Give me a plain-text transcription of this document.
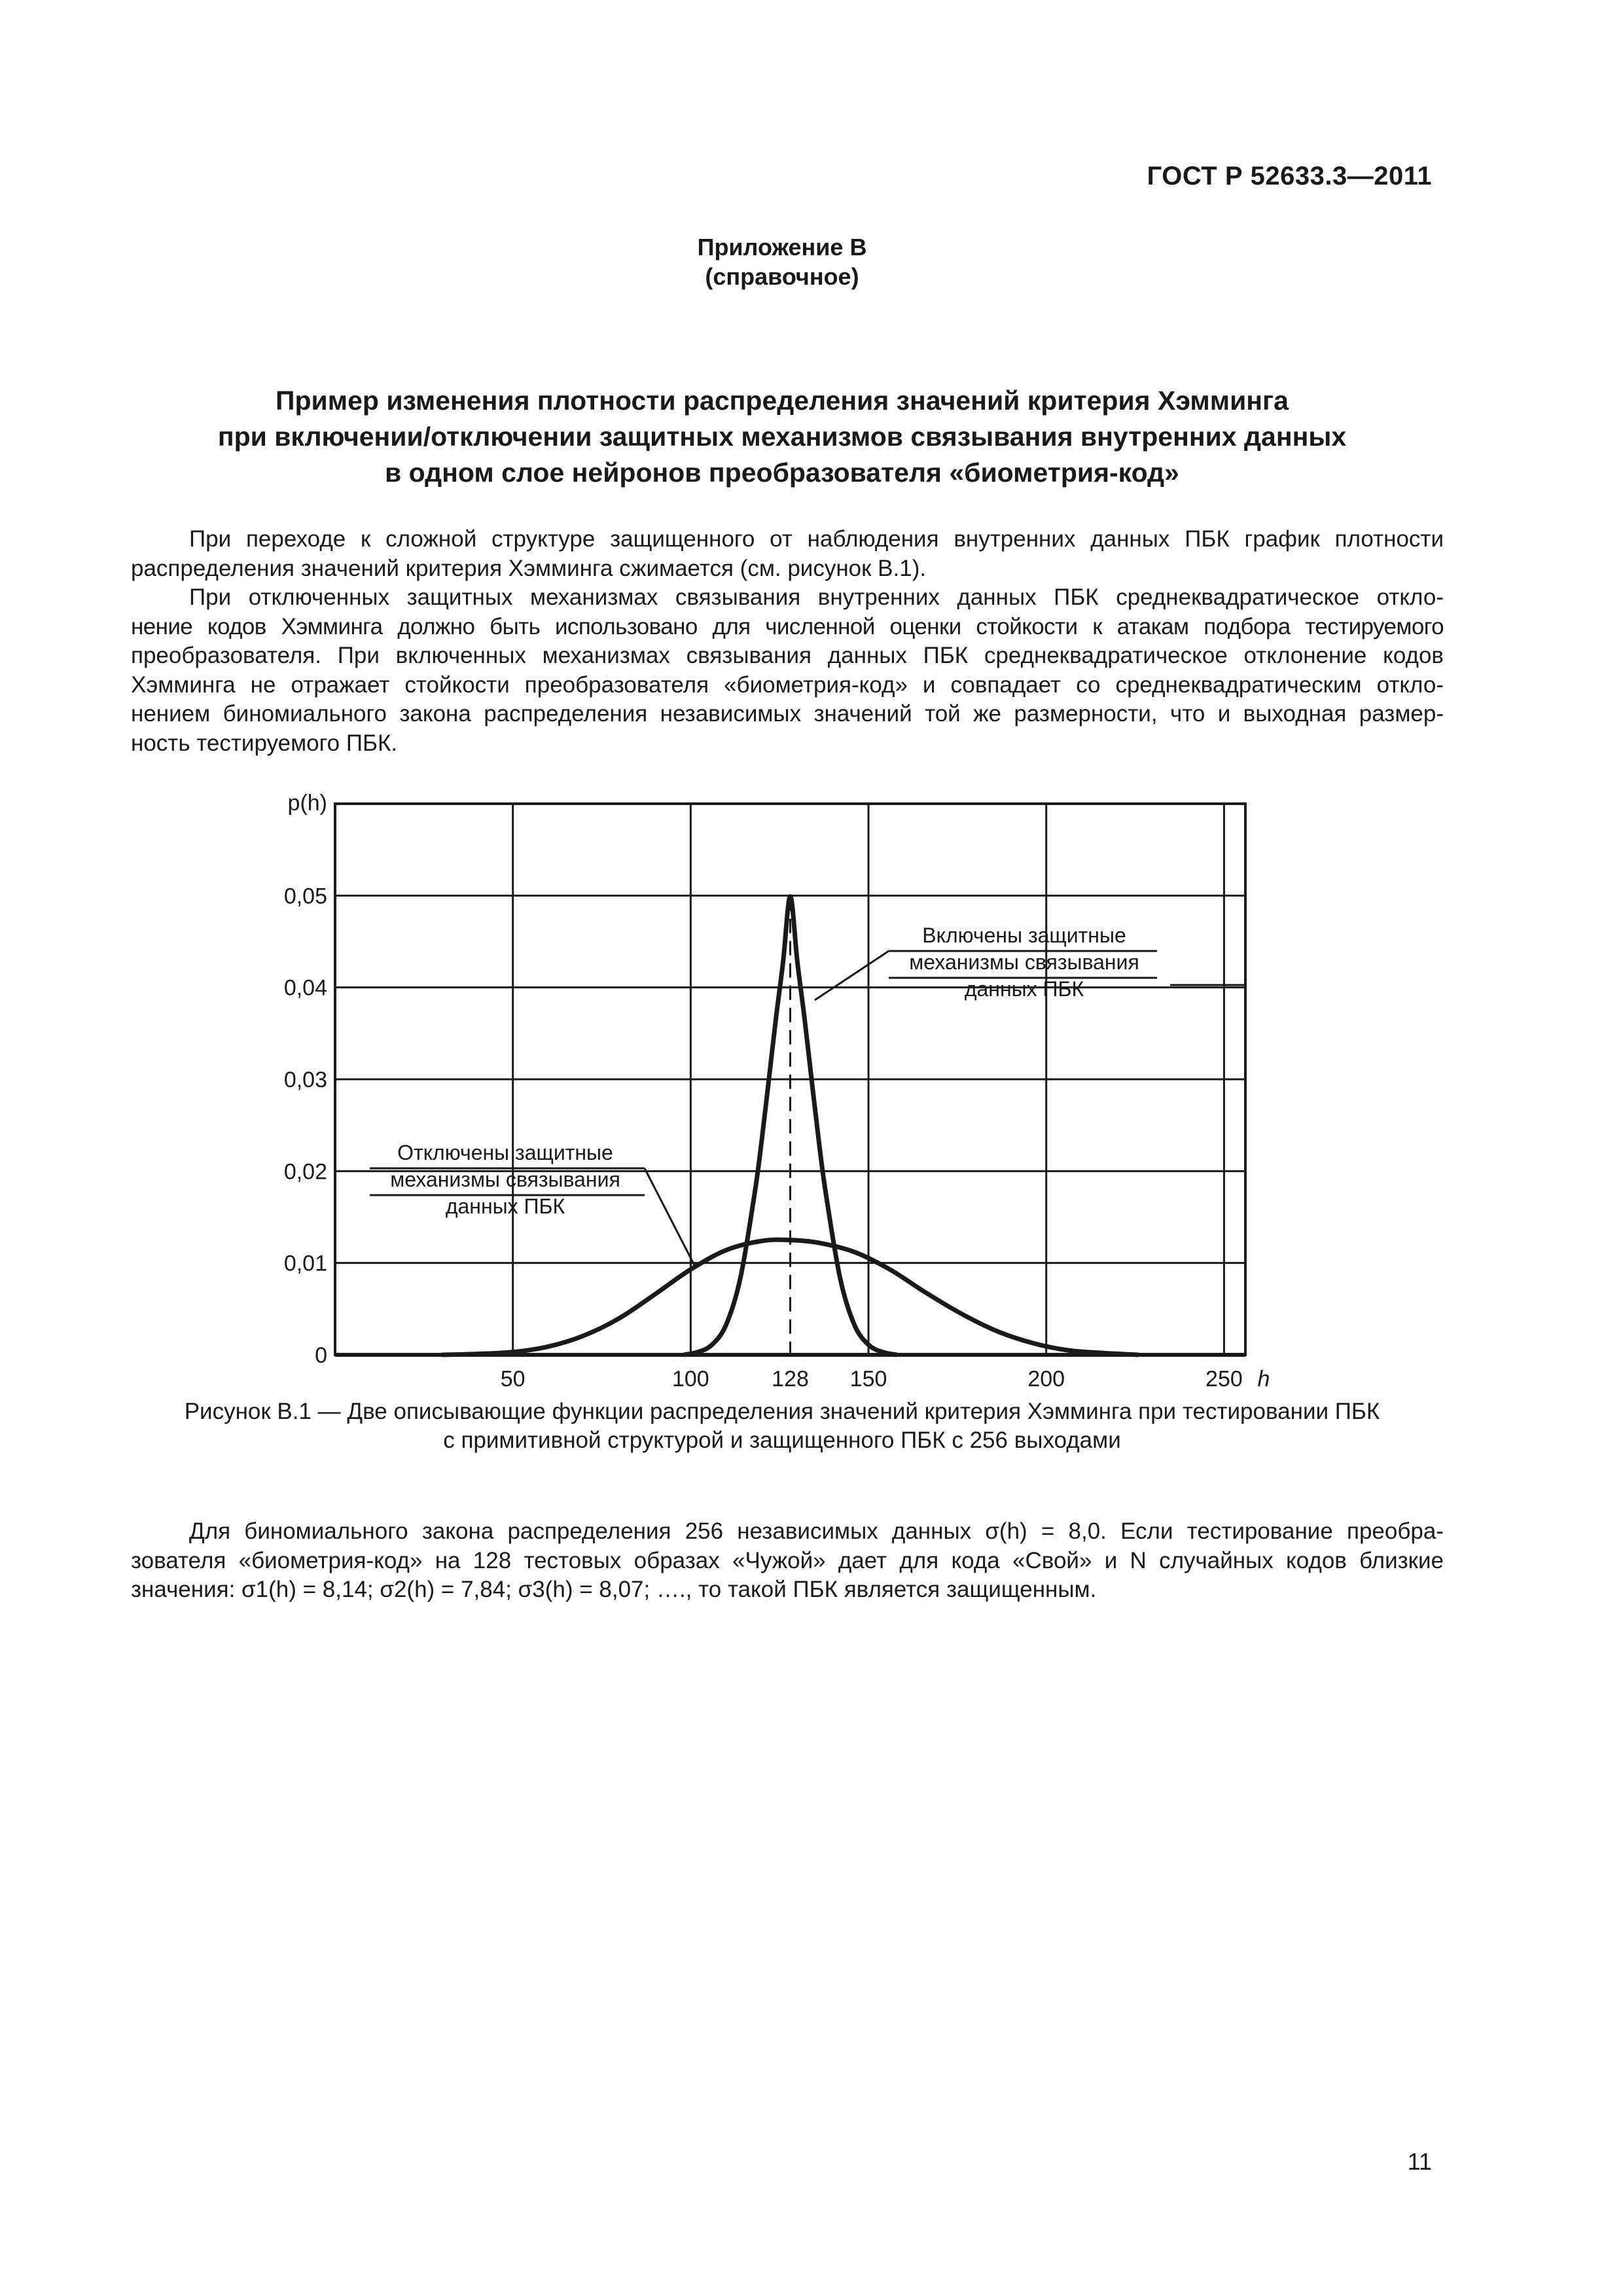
ГОСТ Р 52633.3—2011
Приложение В
(справочное)
Пример изменения плотности распределения значений критерия Хэмминга
при включении/отключении защитных механизмов связывания внутренних данных
в одном слое нейронов преобразователя «биометрия-код»
При переходе к сложной структуре защищенного от наблюдения внутренних данных ПБК график плотности
распределения значений критерия Хэмминга сжимается (см. рисунок В.1).
При отключенных защитных механизмах связывания внутренних данных ПБК среднеквадратическое откло-
нение кодов Хэмминга должно быть использовано для численной оценки стойкости к атакам подбора тестируемого
преобразователя. При включенных механизмах связывания данных ПБК среднеквадратическое отклонение кодов
Хэмминга не отражает стойкости преобразователя «биометрия-код» и совпадает со среднеквадратическим откло-
нением биномиального закона распределения независимых значений той же размерности, что и выходная размер-
ность тестируемого ПБК.
0
0,01
0,02
0,03
0,04
0,05
50	100	128 150	200	250
p(h)
h
Включены защитные
механизмы связывания
данных ПБК
Отключены защитные
механизмы связывания
данных ПБК
Рисунок В.1 — Две описывающие функции распределения значений критерия Хэмминга при тестировании ПБК
с примитивной структурой и защищенного ПБК с 256 выходами
Для биномиального закона распределения 256 независимых данных σ(h) = 8,0. Если тестирование преобра-
зователя «биометрия-код» на 128 тестовых образах «Чужой» дает для кода «Свой» и N случайных кодов близкие
значения: σ1(h) = 8,14; σ2(h) = 7,84; σ3(h) = 8,07; …., то такой ПБК является защищенным.
11
